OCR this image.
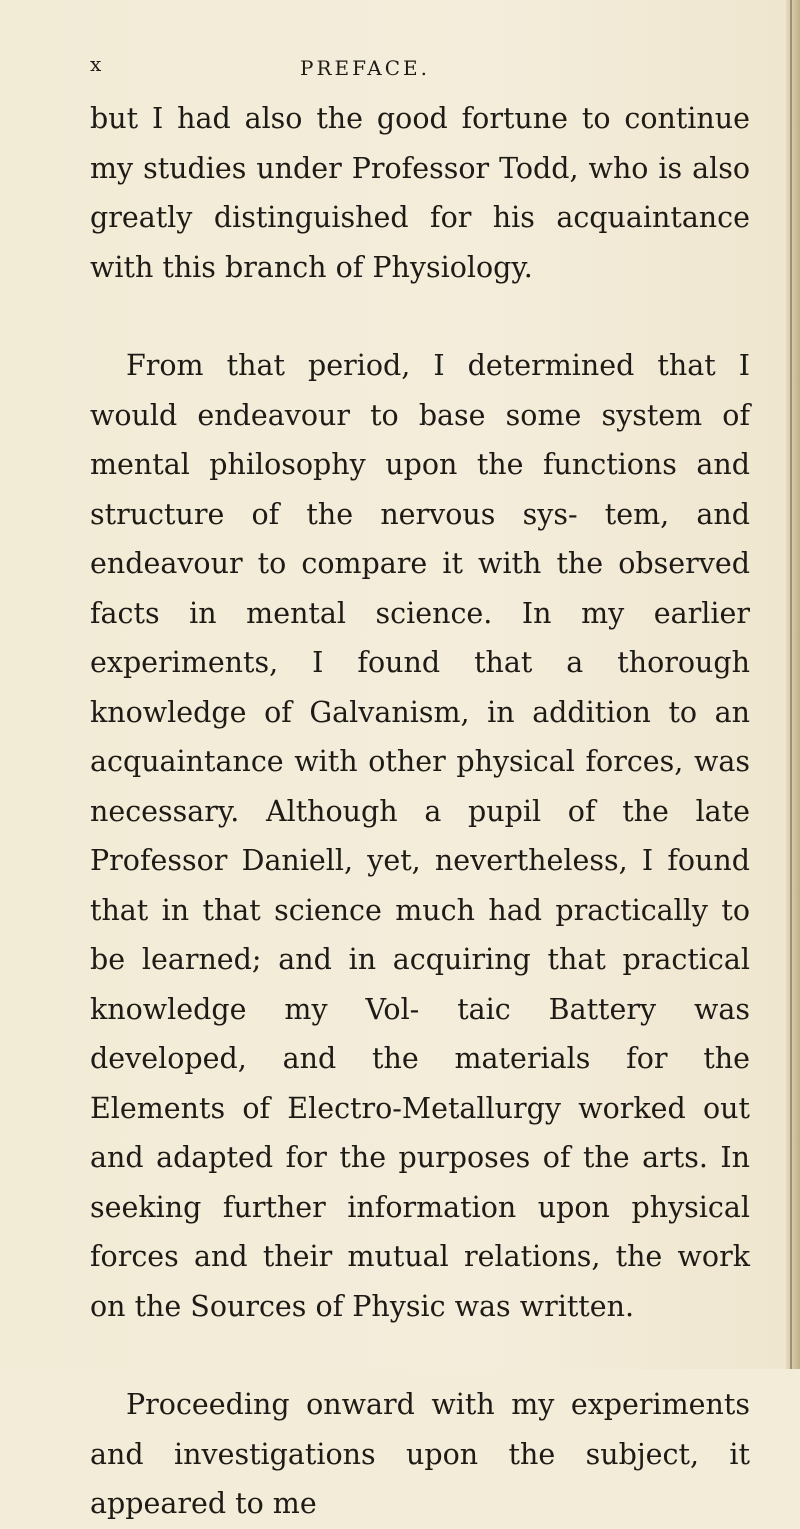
x	PREFACE.

but I had also the good fortune to continue my studies under Professor Todd, who is also greatly distinguished for his acquaintance with this branch of Physiology.

From that period, I determined that I would endeavour to base some system of mental philosophy upon the functions and structure of the nervous sys- tem, and endeavour to compare it with the observed facts in mental science. In my earlier experiments, I found that a thorough knowledge of Galvanism, in addition to an acquaintance with other physical forces, was necessary. Although a pupil of the late Professor Daniell, yet, nevertheless, I found that in that science much had practically to be learned; and in acquiring that practical knowledge my Vol- taic Battery was developed, and the materials for the Elements of Electro-Metallurgy worked out and adapted for the purposes of the arts. In seeking further information upon physical forces and their mutual relations, the work on the Sources of Physic was written.

Proceeding onward with my experiments and investigations upon the subject, it appeared to me
